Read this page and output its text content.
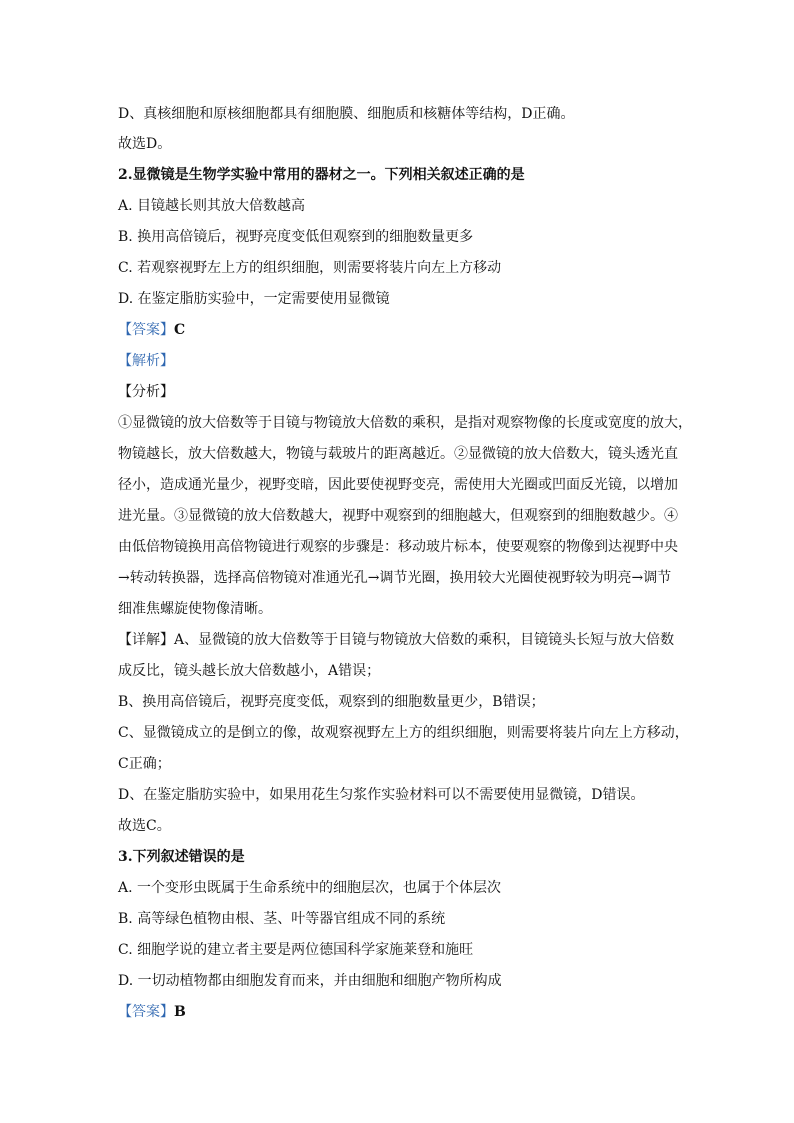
D、真核细胞和原核细胞都具有细胞膜、细胞质和核糖体等结构，D正确。
故选D。
2.显微镜是生物学实验中常用的器材之一。下列相关叙述正确的是
A. 目镜越长则其放大倍数越高
B. 换用高倍镜后，视野亮度变低但观察到的细胞数量更多
C. 若观察视野左上方的组织细胞，则需要将装片向左上方移动
D. 在鉴定脂肪实验中，一定需要使用显微镜
【答案】C
【解析】
【分析】
①显微镜的放大倍数等于目镜与物镜放大倍数的乘积，是指对观察物像的长度或宽度的放大，
物镜越长，放大倍数越大，物镜与载玻片的距离越近。②显微镜的放大倍数大，镜头透光直
径小，造成通光量少，视野变暗，因此要使视野变亮，需使用大光圈或凹面反光镜，以增加
进光量。③显微镜的放大倍数越大，视野中观察到的细胞越大，但观察到的细胞数越少。④
由低倍物镜换用高倍物镜进行观察的步骤是：移动玻片标本，使要观察的物像到达视野中央
→转动转换器，选择高倍物镜对准通光孔→调节光圈，换用较大光圈使视野较为明亮→调节
细准焦螺旋使物像清晰。
【详解】A、显微镜的放大倍数等于目镜与物镜放大倍数的乘积，目镜镜头长短与放大倍数
成反比，镜头越长放大倍数越小，A错误；
B、换用高倍镜后，视野亮度变低，观察到的细胞数量更少，B错误；
C、显微镜成立的是倒立的像，故观察视野左上方的组织细胞，则需要将装片向左上方移动，
C正确；
D、在鉴定脂肪实验中，如果用花生匀浆作实验材料可以不需要使用显微镜，D错误。
故选C。
3.下列叙述错误的是
A. 一个变形虫既属于生命系统中的细胞层次，也属于个体层次
B. 高等绿色植物由根、茎、叶等器官组成不同的系统
C. 细胞学说的建立者主要是两位德国科学家施莱登和施旺
D. 一切动植物都由细胞发育而来，并由细胞和细胞产物所构成
【答案】B
